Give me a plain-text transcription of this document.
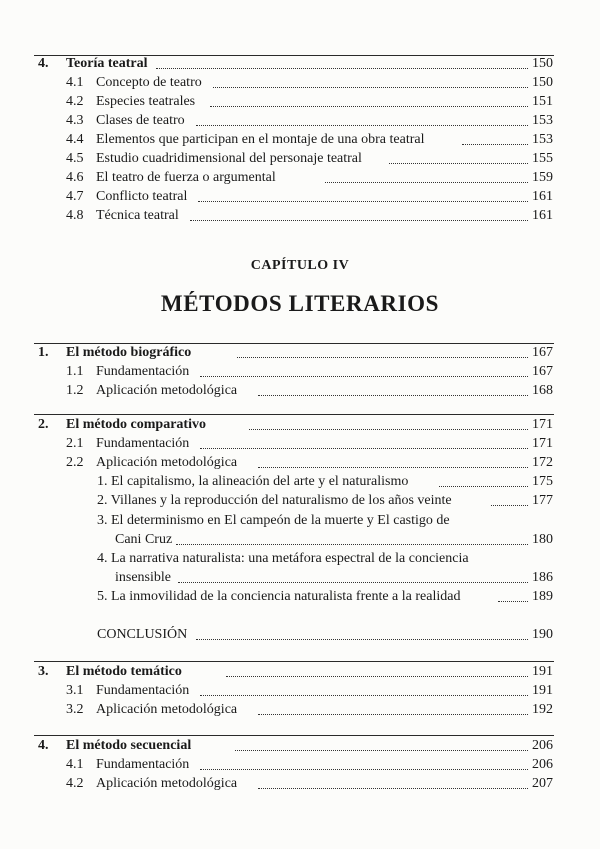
4. Teoría teatral	150
4.1 Concepto de teatro	150
4.2 Especies teatrales	151
4.3 Clases de teatro	153
4.4 Elementos que participan en el montaje de una obra teatral	153
4.5 Estudio cuadridimensional del personaje teatral	155
4.6 El teatro de fuerza o argumental	159
4.7 Conflicto teatral	161
4.8 Técnica teatral	161
CAPÍTULO IV
MÉTODOS LITERARIOS
1. El método biográfico	167
1.1 Fundamentación	167
1.2 Aplicación metodológica	168
2. El método comparativo	171
2.1 Fundamentación	171
2.2 Aplicación metodológica	172
1. El capitalismo, la alineación del arte y el naturalismo	175
2. Villanes y la reproducción del naturalismo de los años veinte	177
3. El determinismo en El campeón de la muerte y El castigo de
Cani Cruz	180
4. La narrativa naturalista: una metáfora espectral de la conciencia
insensible	186
5. La inmovilidad de la conciencia naturalista frente a la realidad	189
CONCLUSIÓN	190
3. El método temático	191
3.1 Fundamentación	191
3.2 Aplicación metodológica	192
4. El método secuencial	206
4.1 Fundamentación	206
4.2 Aplicación metodológica	207
